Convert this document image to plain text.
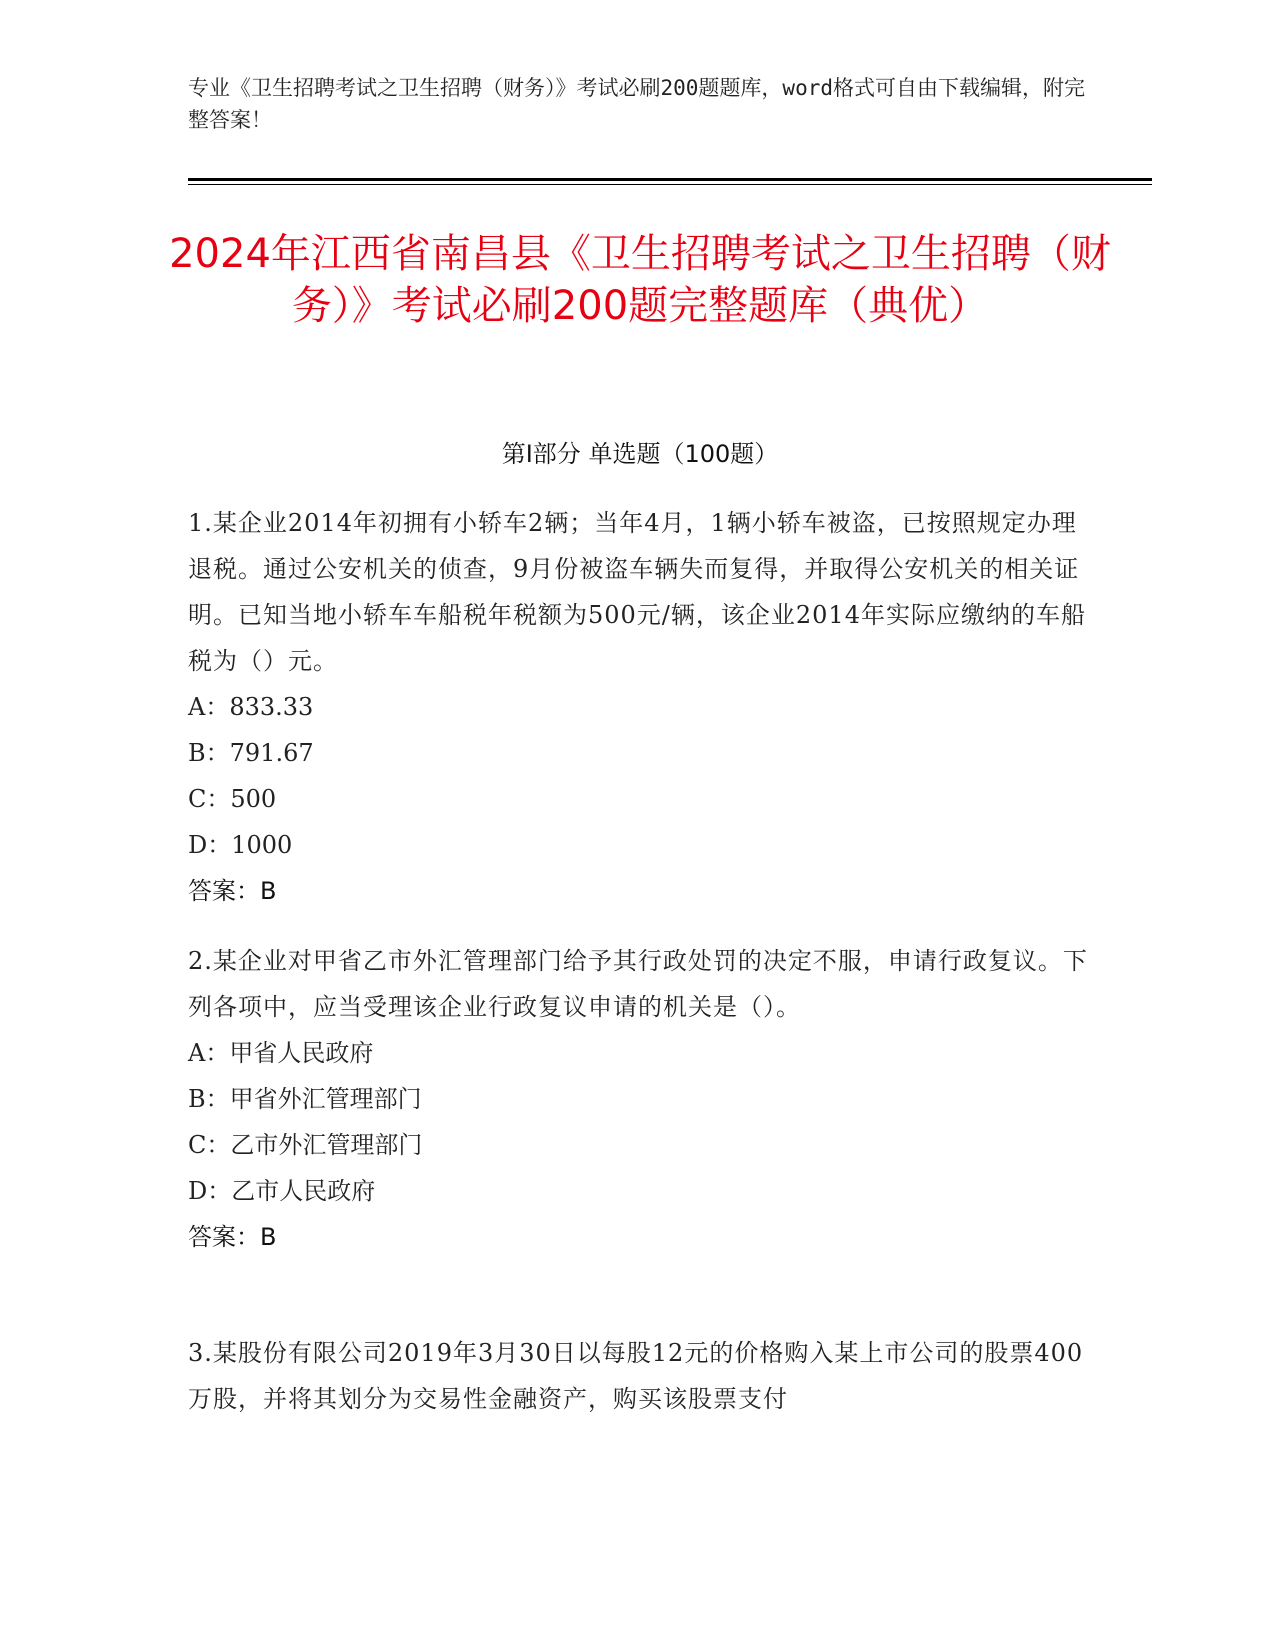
专业《卫生招聘考试之卫生招聘（财务）》考试必刷200题题库，word格式可自由下载编辑，附完整答案！
2024年江西省南昌县《卫生招聘考试之卫生招聘（财务）》考试必刷200题完整题库（典优）
第I部分 单选题（100题）
1.某企业2014年初拥有小轿车2辆；当年4月，1辆小轿车被盗，已按照规定办理退税。通过公安机关的侦查，9月份被盗车辆失而复得，并取得公安机关的相关证明。已知当地小轿车车船税年税额为500元/辆，该企业2014年实际应缴纳的车船税为（）元。
A：833.33
B：791.67
C：500
D：1000
答案：B
2.某企业对甲省乙市外汇管理部门给予其行政处罚的决定不服，申请行政复议。下列各项中，应当受理该企业行政复议申请的机关是（）。
A：甲省人民政府
B：甲省外汇管理部门
C：乙市外汇管理部门
D：乙市人民政府
答案：B
3.某股份有限公司2019年3月30日以每股12元的价格购入某上市公司的股票400万股，并将其划分为交易性金融资产，购买该股票支付
